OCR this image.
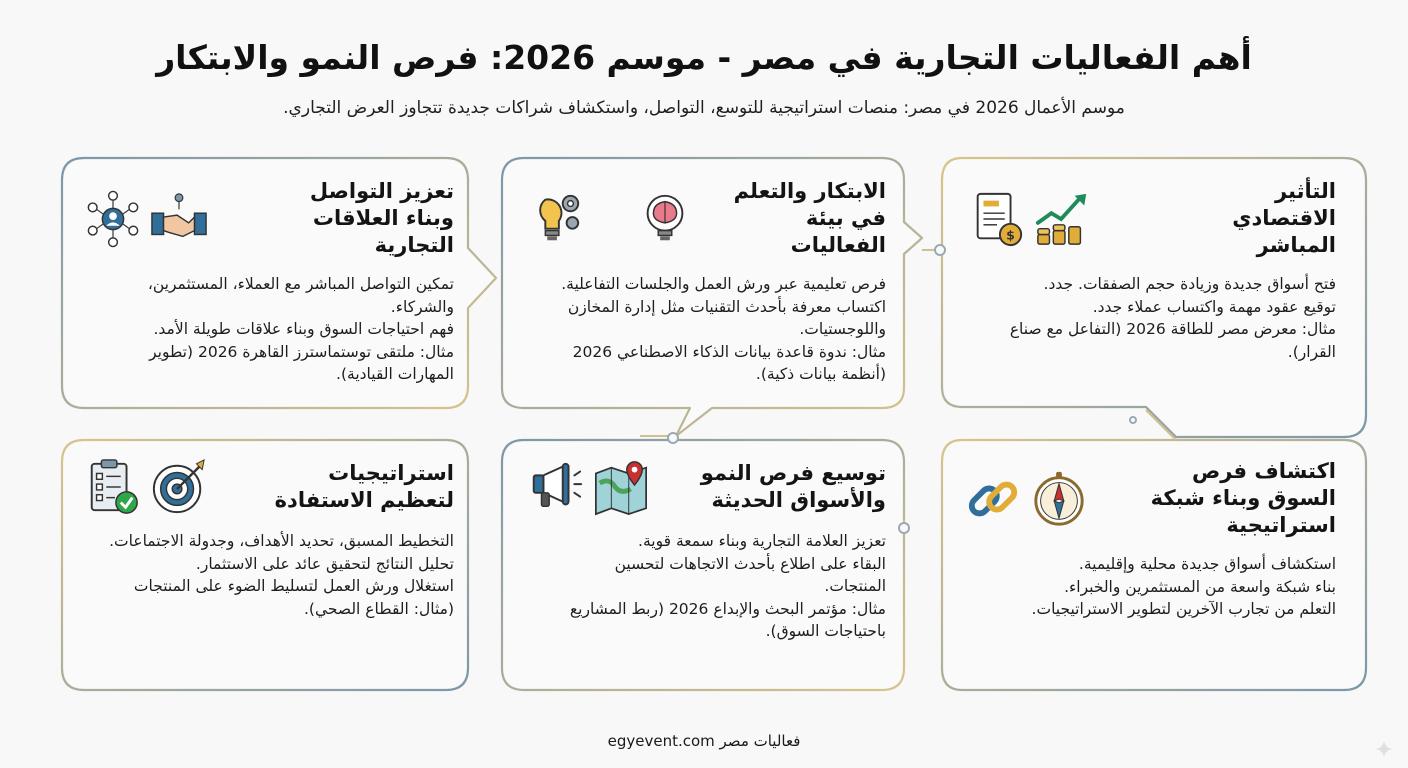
أهم الفعاليات التجارية في مصر - موسم 2026: فرص النمو والابتكار
موسم الأعمال 2026 في مصر: منصات استراتيجية للتوسع، التواصل، واستكشاف شراكات جديدة تتجاوز العرض التجاري.
التأثير الاقتصادي المباشر
$

فتح أسواق جديدة وزيادة حجم الصفقات. جدد.

توقيع عقود مهمة واكتساب عملاء جدد.

مثال: معرض مصر للطاقة 2026 (التفاعل مع صناع القرار).

الابتكار والتعلم في بيئة الفعاليات

فرص تعليمية عبر ورش العمل والجلسات التفاعلية.

اكتساب معرفة بأحدث التقنيات مثل إدارة المخازن واللوجستيات.

مثال: ندوة قاعدة بيانات الذكاء الاصطناعي 2026 (أنظمة بيانات ذكية).

تعزيز التواصل وبناء العلاقات التجارية

تمكين التواصل المباشر مع العملاء، المستثمرين، والشركاء.

فهم احتياجات السوق وبناء علاقات طويلة الأمد.

مثال: ملتقى توستماسترز القاهرة 2026 (تطوير المهارات القيادية).

اكتشاف فرص السوق وبناء شبكة استراتيجية

استكشاف أسواق جديدة محلية وإقليمية.

بناء شبكة واسعة من المستثمرين والخبراء.

التعلم من تجارب الآخرين لتطوير الاستراتيجيات.

توسيع فرص النمو والأسواق الحديثة

تعزيز العلامة التجارية وبناء سمعة قوية.

البقاء على اطلاع بأحدث الاتجاهات لتحسين المنتجات.

مثال: مؤتمر البحث والإبداع 2026 (ربط المشاريع باحتياجات السوق).

استراتيجيات لتعظيم الاستفادة

التخطيط المسبق، تحديد الأهداف، وجدولة الاجتماعات.

تحليل النتائج لتحقيق عائد على الاستثمار.

استغلال ورش العمل لتسليط الضوء على المنتجات (مثال: القطاع الصحي).

فعاليات مصر egyevent.com
